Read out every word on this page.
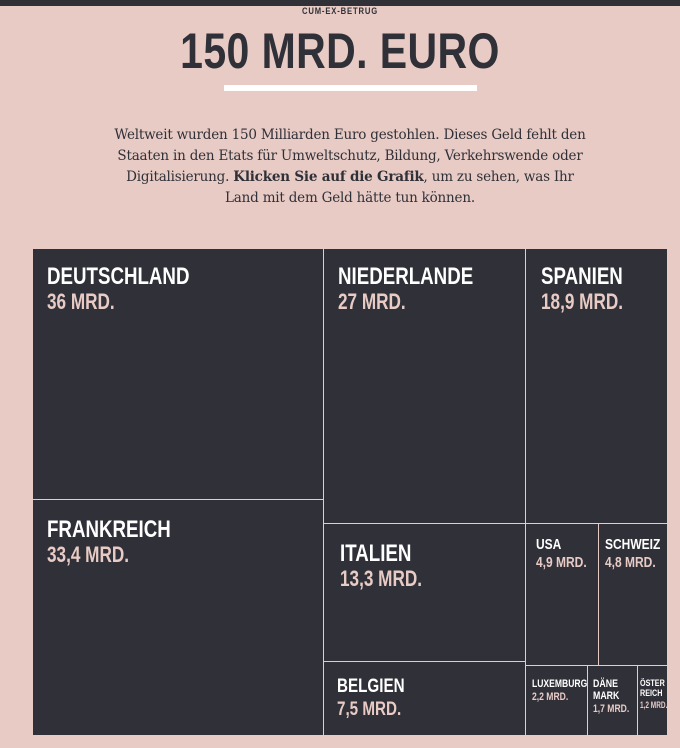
CUM-EX-BETRUG
150 MRD. EURO

Weltweit wurden 150 Milliarden Euro gestohlen. Dieses Geld fehlt den Staaten in den Etats für Umweltschutz, Bildung, Verkehrswende oder Digitalisierung. Klicken Sie auf die Grafik, um zu sehen, was Ihr Land mit dem Geld hätte tun können.

DEUTSCHLAND
36 MRD.
FRANKREICH
33,4 MRD.
NIEDERLANDE
27 MRD.
ITALIEN
13,3 MRD.
BELGIEN
7,5 MRD.
SPANIEN
18,9 MRD.
USA
4,9 MRD.
SCHWEIZ
4,8 MRD.
LUXEMBURG
2,2 MRD.
DÄNE
MARK
1,7 MRD.
ÖSTER
REICH
1,2 MRD.
